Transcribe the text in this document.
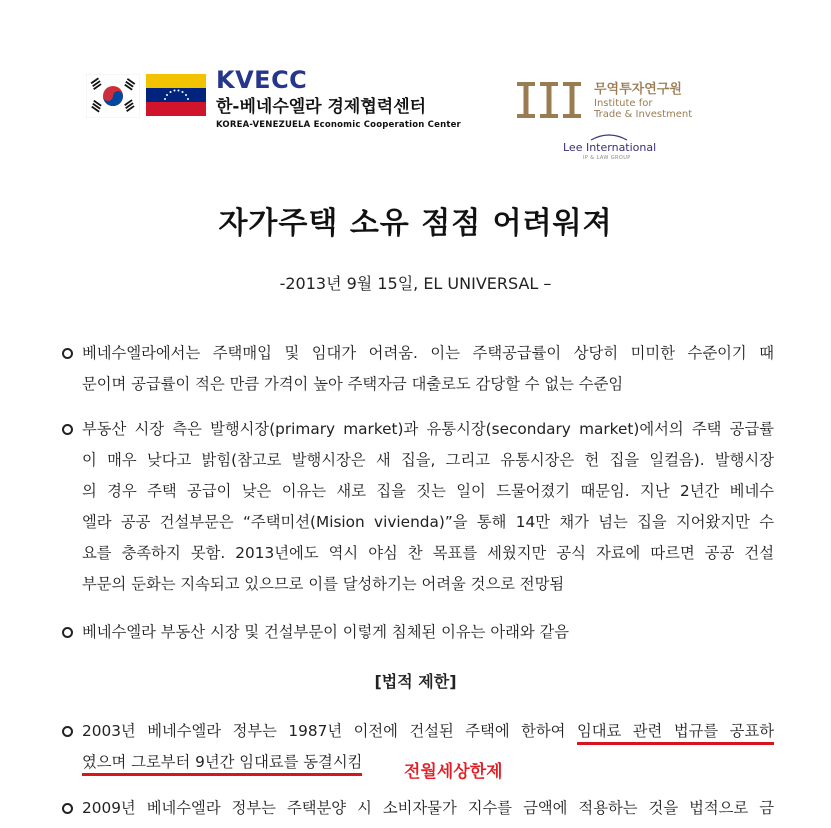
KVECC
한-베네수엘라 경제협력센터
KOREA-VENEZUELA Economic Cooperation Center
무역투자연구원
Institute for
Trade & Investment
Lee International
IP & LAW GROUP
자가주택 소유 점점 어려워져
-2013년 9월 15일, EL UNIVERSAL –
베네수엘라에서는 주택매입 및 임대가 어려움. 이는 주택공급률이 상당히 미미한 수준이기 때
문이며 공급률이 적은 만큼 가격이 높아 주택자금 대출로도 감당할 수 없는 수준임
부동산 시장 측은 발행시장(primary market)과 유통시장(secondary market)에서의 주택 공급률
이 매우 낮다고 밝힘(참고로 발행시장은 새 집을, 그리고 유통시장은 헌 집을 일컬음). 발행시장
의 경우 주택 공급이 낮은 이유는 새로 집을 짓는 일이 드물어졌기 때문임. 지난 2년간 베네수
엘라 공공 건설부문은 “주택미션(Mision vivienda)”을 통해 14만 채가 넘는 집을 지어왔지만 수
요를 충족하지 못함. 2013년에도 역시 야심 찬 목표를 세웠지만 공식 자료에 따르면 공공 건설
부문의 둔화는 지속되고 있으므로 이를 달성하기는 어려울 것으로 전망됨
베네수엘라 부동산 시장 및 건설부문이 이렇게 침체된 이유는 아래와 같음
[법적 제한]
2003년 베네수엘라 정부는 1987년 이전에 건설된 주택에 한하여 임대료 관련 법규를 공표하
였으며 그로부터 9년간 임대료를 동결시킴	전월세상한제
2009년 베네수엘라 정부는 주택분양 시 소비자물가 지수를 금액에 적용하는 것을 법적으로 금
